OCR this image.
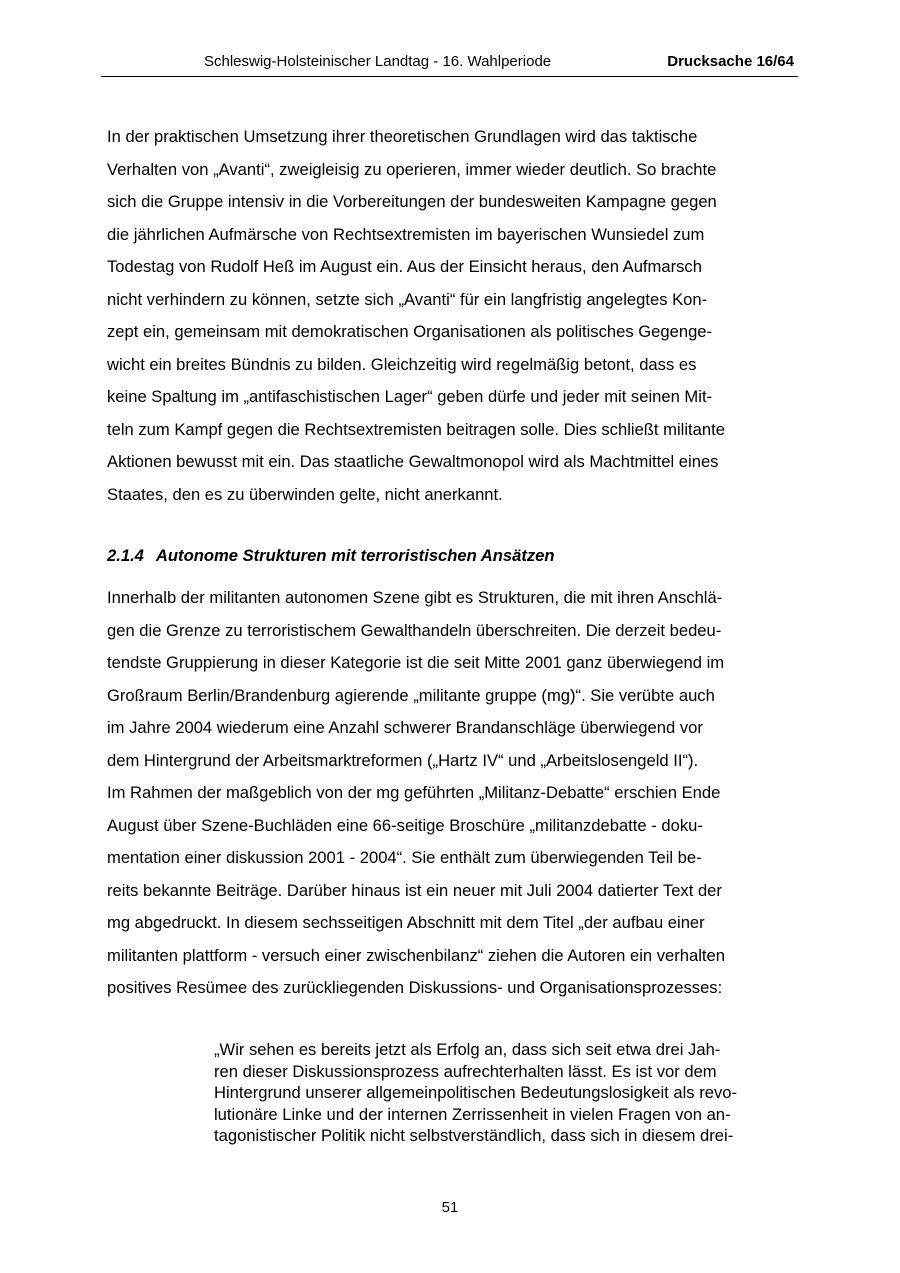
Schleswig-Holsteinischer Landtag - 16. Wahlperiode	Drucksache 16/64

In der praktischen Umsetzung ihrer theoretischen Grundlagen wird das taktische
Verhalten von „Avanti“, zweigleisig zu operieren, immer wieder deutlich. So brachte
sich die Gruppe intensiv in die Vorbereitungen der bundesweiten Kampagne gegen
die jährlichen Aufmärsche von Rechtsextremisten im bayerischen Wunsiedel zum
Todestag von Rudolf Heß im August ein. Aus der Einsicht heraus, den Aufmarsch
nicht verhindern zu können, setzte sich „Avanti“ für ein langfristig angelegtes Kon-
zept ein, gemeinsam mit demokratischen Organisationen als politisches Gegenge-
wicht ein breites Bündnis zu bilden. Gleichzeitig wird regelmäßig betont, dass es
keine Spaltung im „antifaschistischen Lager“ geben dürfe und jeder mit seinen Mit-
teln zum Kampf gegen die Rechtsextremisten beitragen solle. Dies schließt militante
Aktionen bewusst mit ein. Das staatliche Gewaltmonopol wird als Machtmittel eines
Staates, den es zu überwinden gelte, nicht anerkannt.

2.1.4 Autonome Strukturen mit terroristischen Ansätzen

Innerhalb der militanten autonomen Szene gibt es Strukturen, die mit ihren Anschlä-
gen die Grenze zu terroristischem Gewalthandeln überschreiten. Die derzeit bedeu-
tendste Gruppierung in dieser Kategorie ist die seit Mitte 2001 ganz überwiegend im
Großraum Berlin/Brandenburg agierende „militante gruppe (mg)“. Sie verübte auch
im Jahre 2004 wiederum eine Anzahl schwerer Brandanschläge überwiegend vor
dem Hintergrund der Arbeitsmarktreformen („Hartz IV“ und „Arbeitslosengeld II“).
Im Rahmen der maßgeblich von der mg geführten „Militanz-Debatte“ erschien Ende
August über Szene-Buchläden eine 66-seitige Broschüre „militanzdebatte - doku-
mentation einer diskussion 2001 - 2004“. Sie enthält zum überwiegenden Teil be-
reits bekannte Beiträge. Darüber hinaus ist ein neuer mit Juli 2004 datierter Text der
mg abgedruckt. In diesem sechsseitigen Abschnitt mit dem Titel „der aufbau einer
militanten plattform - versuch einer zwischenbilanz“ ziehen die Autoren ein verhalten
positives Resümee des zurückliegenden Diskussions- und Organisationsprozesses:

„Wir sehen es bereits jetzt als Erfolg an, dass sich seit etwa drei Jah-
ren dieser Diskussionsprozess aufrechterhalten lässt. Es ist vor dem
Hintergrund unserer allgemeinpolitischen Bedeutungslosigkeit als revo-
lutionäre Linke und der internen Zerrissenheit in vielen Fragen von an-
tagonistischer Politik nicht selbstverständlich, dass sich in diesem drei-
51
